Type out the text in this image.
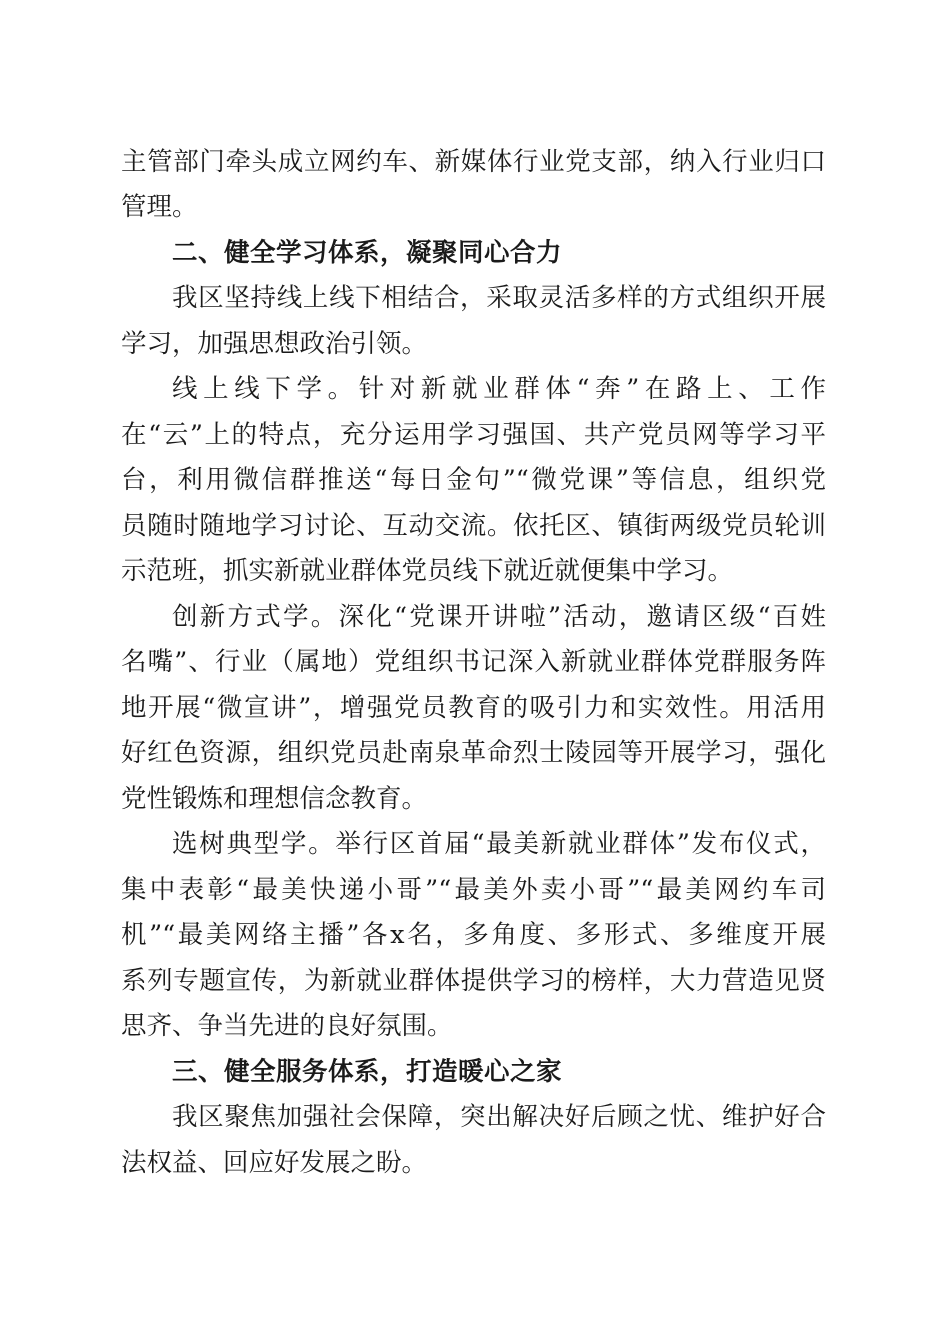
主管部门牵头成立网约车、新媒体行业党支部，纳入行业归口

管理。

二、健全学习体系，凝聚同心合力

我区坚持线上线下相结合，采取灵活多样的方式组织开展

学习，加强思想政治引领。

线上线下学。针对新就业群体“奔”在路上、工作

在“云”上的特点，充分运用学习强国、共产党员网等学习平

台，利用微信群推送“每日金句”“微党课”等信息，组织党

员随时随地学习讨论、互动交流。依托区、镇街两级党员轮训

示范班，抓实新就业群体党员线下就近就便集中学习。

创新方式学。深化“党课开讲啦”活动，邀请区级“百姓

名嘴”、行业（属地）党组织书记深入新就业群体党群服务阵

地开展“微宣讲”，增强党员教育的吸引力和实效性。用活用

好红色资源，组织党员赴南泉革命烈士陵园等开展学习，强化

党性锻炼和理想信念教育。

选树典型学。举行区首届“最美新就业群体”发布仪式，

集中表彰“最美快递小哥”“最美外卖小哥”“最美网约车司

机”“最美网络主播”各x名，多角度、多形式、多维度开展

系列专题宣传，为新就业群体提供学习的榜样，大力营造见贤

思齐、争当先进的良好氛围。

三、健全服务体系，打造暖心之家

我区聚焦加强社会保障，突出解决好后顾之忧、维护好合

法权益、回应好发展之盼。
